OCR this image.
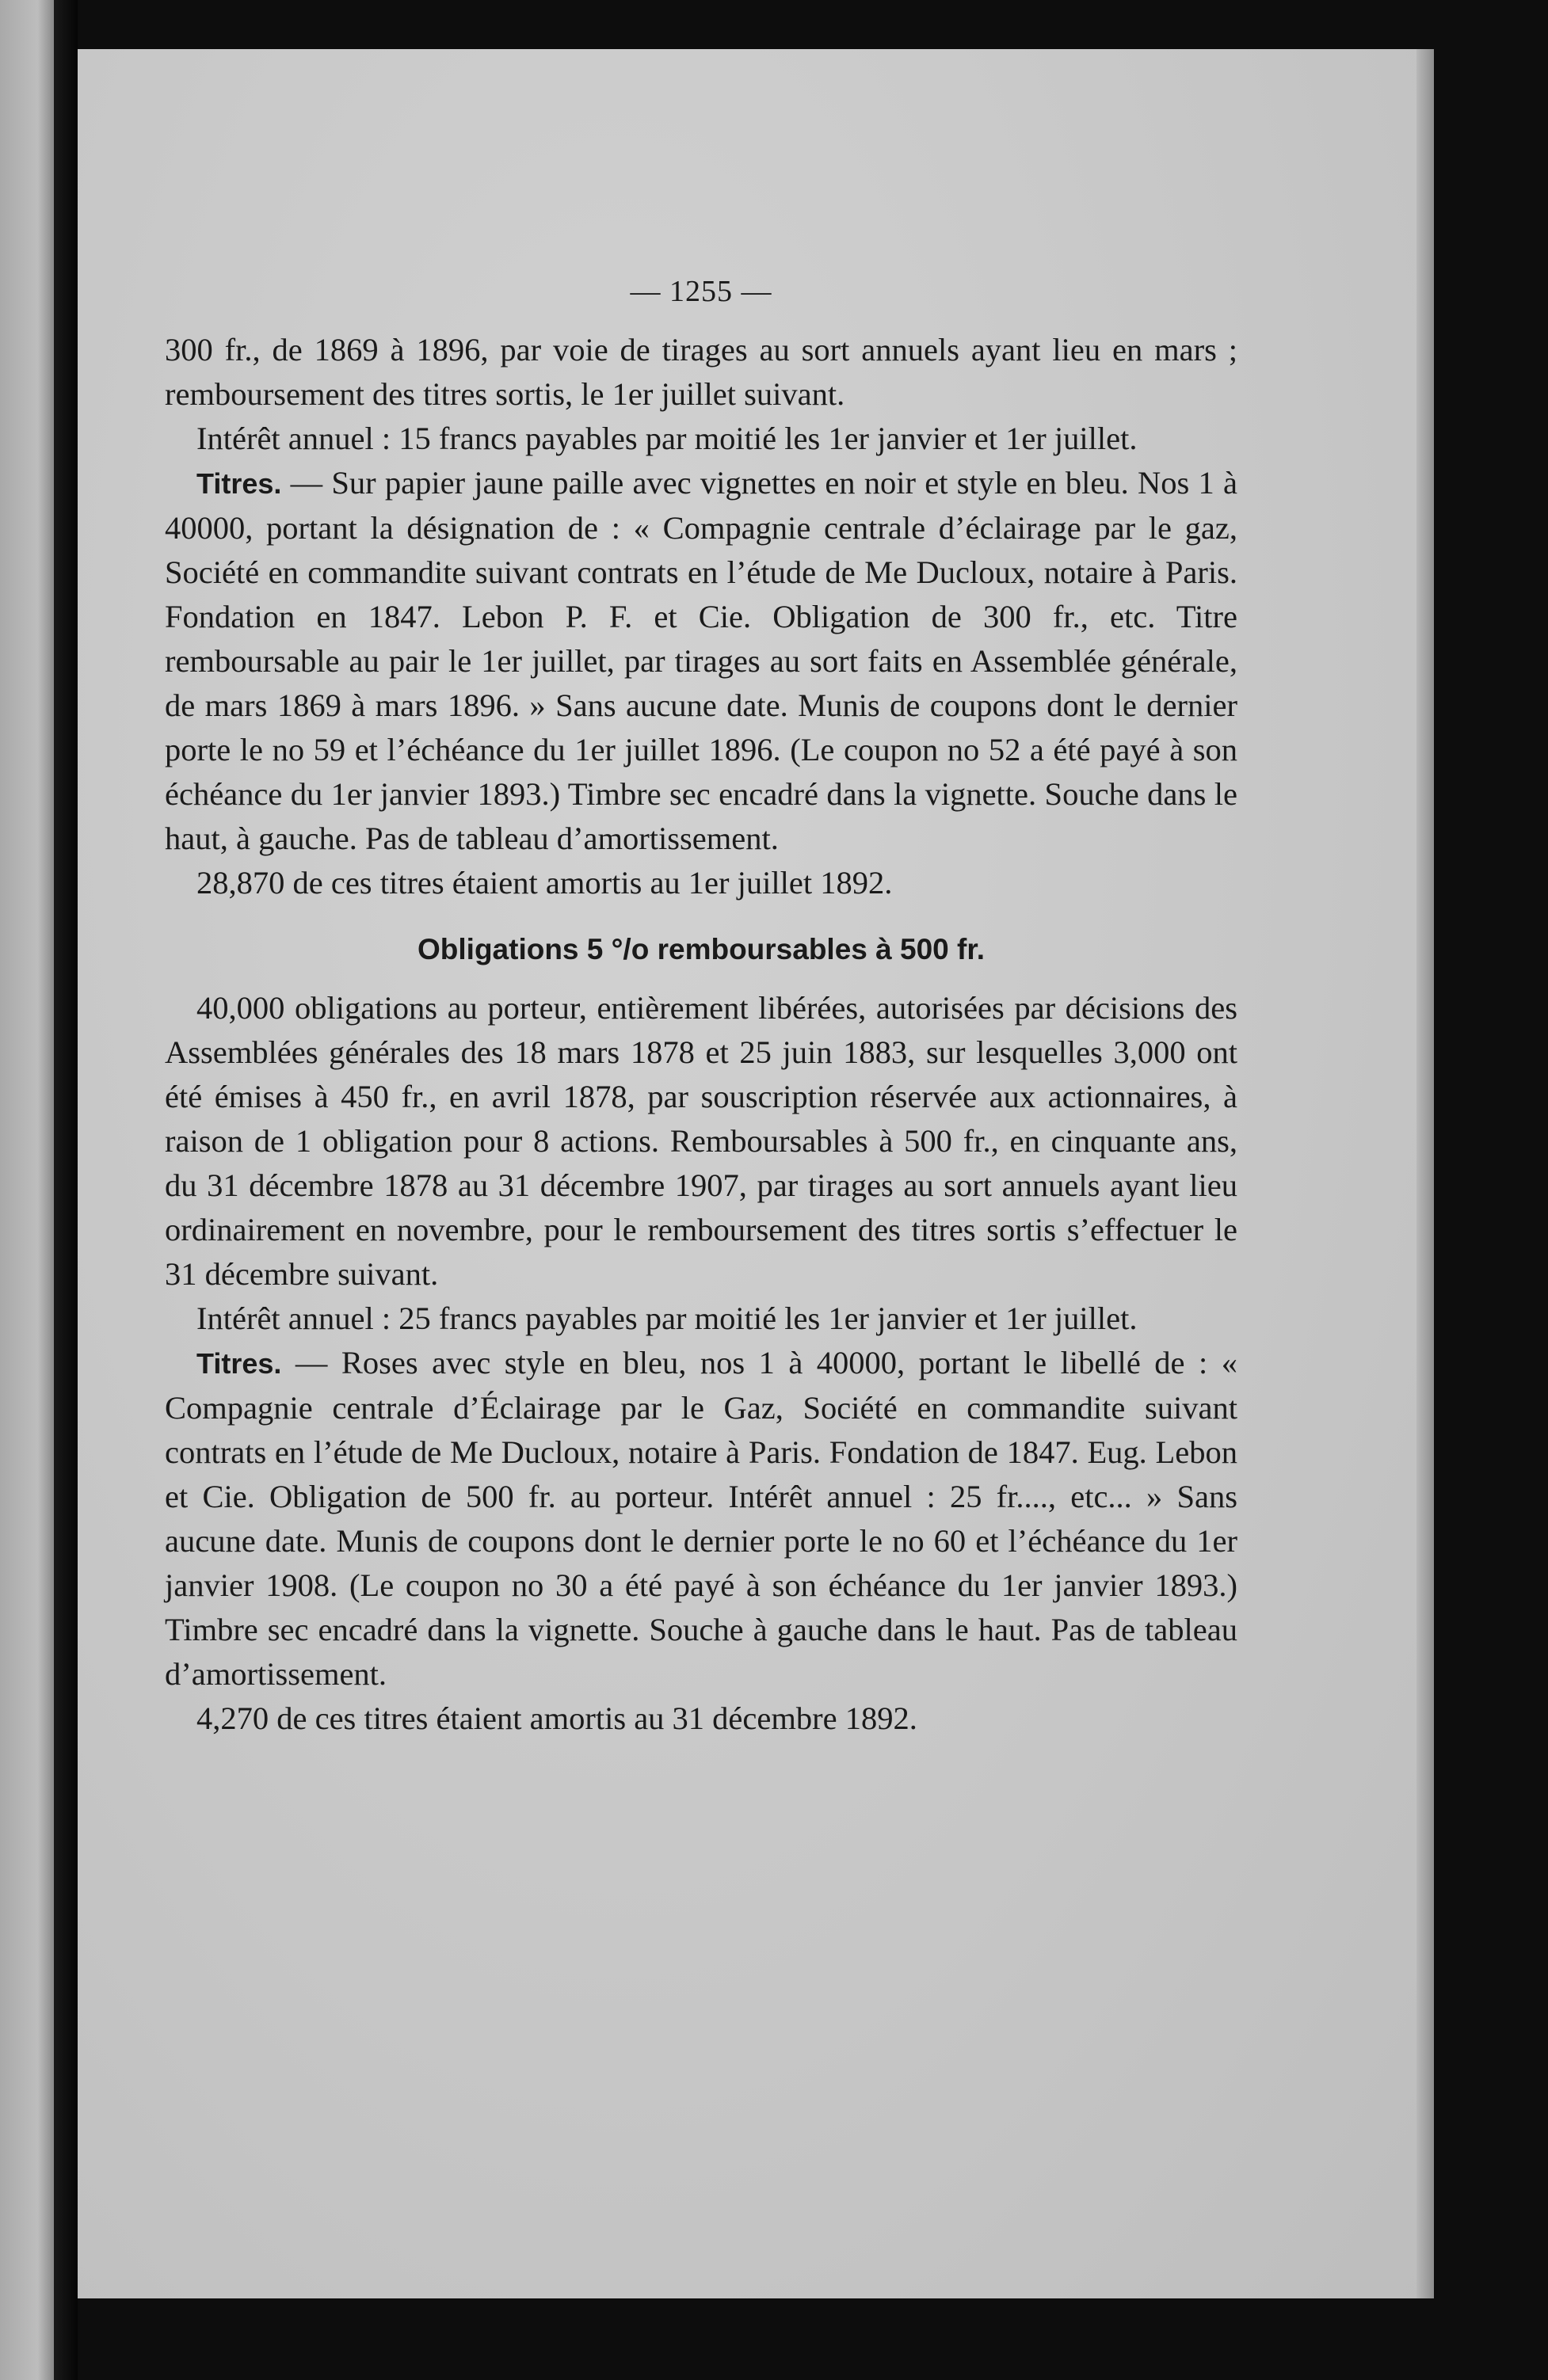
— 1255 —

300 fr., de 1869 à 1896, par voie de tirages au sort annuels ayant lieu en mars ; remboursement des titres sortis, le 1er juillet suivant.

Intérêt annuel : 15 francs payables par moitié les 1er janvier et 1er juillet.

Titres. — Sur papier jaune paille avec vignettes en noir et style en bleu. Nos 1 à 40000, portant la désignation de : « Compagnie centrale d’éclairage par le gaz, Société en commandite suivant contrats en l’étude de Me Ducloux, notaire à Paris. Fondation en 1847. Lebon P. F. et Cie. Obligation de 300 fr., etc. Titre remboursable au pair le 1er juillet, par tirages au sort faits en Assemblée générale, de mars 1869 à mars 1896. » Sans aucune date. Munis de coupons dont le dernier porte le no 59 et l’échéance du 1er juillet 1896. (Le coupon no 52 a été payé à son échéance du 1er janvier 1893.) Timbre sec encadré dans la vignette. Souche dans le haut, à gauche. Pas de tableau d’amortissement.

28,870 de ces titres étaient amortis au 1er juillet 1892.

Obligations 5 °/o remboursables à 500 fr.

40,000 obligations au porteur, entièrement libérées, autorisées par décisions des Assemblées générales des 18 mars 1878 et 25 juin 1883, sur lesquelles 3,000 ont été émises à 450 fr., en avril 1878, par souscription réservée aux actionnaires, à raison de 1 obligation pour 8 actions. Remboursables à 500 fr., en cinquante ans, du 31 décembre 1878 au 31 décembre 1907, par tirages au sort annuels ayant lieu ordinairement en novembre, pour le remboursement des titres sortis s’effectuer le 31 décembre suivant.

Intérêt annuel : 25 francs payables par moitié les 1er janvier et 1er juillet.

Titres. — Roses avec style en bleu, nos 1 à 40000, portant le libellé de : « Compagnie centrale d’Éclairage par le Gaz, Société en commandite suivant contrats en l’étude de Me Ducloux, notaire à Paris. Fondation de 1847. Eug. Lebon et Cie. Obligation de 500 fr. au porteur. Intérêt annuel : 25 fr...., etc... » Sans aucune date. Munis de coupons dont le dernier porte le no 60 et l’échéance du 1er janvier 1908. (Le coupon no 30 a été payé à son échéance du 1er janvier 1893.) Timbre sec encadré dans la vignette. Souche à gauche dans le haut. Pas de tableau d’amortissement.

4,270 de ces titres étaient amortis au 31 décembre 1892.
